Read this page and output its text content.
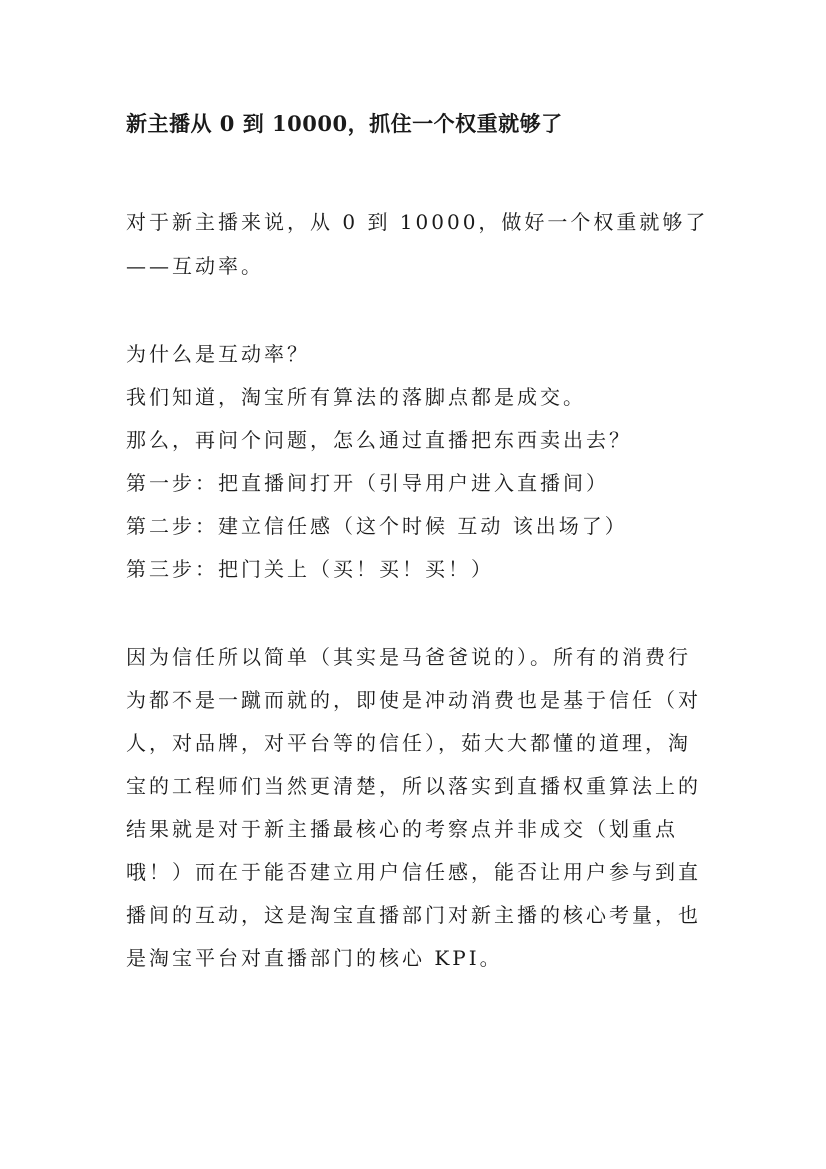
新主播从 0 到 10000，抓住一个权重就够了
对于新主播来说，从 0 到 10000，做好一个权重就够了
——互动率。
为什么是互动率？
我们知道，淘宝所有算法的落脚点都是成交。
那么，再问个问题，怎么通过直播把东西卖出去？
第一步：把直播间打开（引导用户进入直播间）
第二步：建立信任感（这个时候 互动 该出场了）
第三步：把门关上（买！买！买！）
因为信任所以简单（其实是马爸爸说的）。所有的消费行
为都不是一蹴而就的，即使是冲动消费也是基于信任（对
人，对品牌，对平台等的信任），茹大大都懂的道理，淘
宝的工程师们当然更清楚，所以落实到直播权重算法上的
结果就是对于新主播最核心的考察点并非成交（划重点
哦！）而在于能否建立用户信任感，能否让用户参与到直
播间的互动，这是淘宝直播部门对新主播的核心考量，也
是淘宝平台对直播部门的核心 KPI。
